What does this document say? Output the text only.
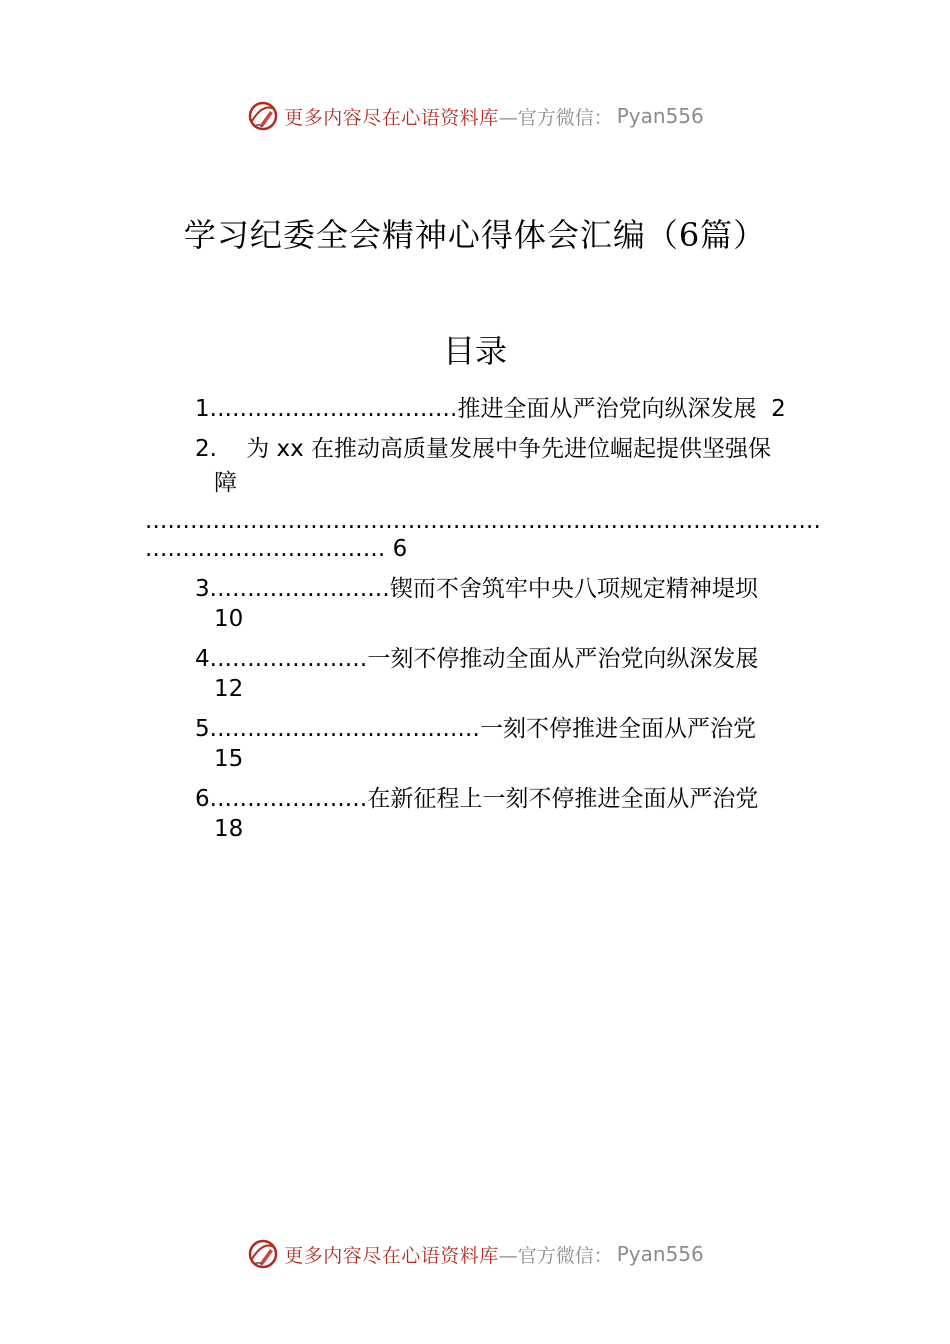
更多内容尽在心语资料库 —官方微信： Pyan556
学习纪委全会精神心得体会汇编（6篇）
目录
1.................................推进全面从严治党向纵深发展 2
2. 为 xx 在推动高质量发展中争先进位崛起提供坚强保
障
..........................................................................................
................................ 6
3........................锲而不舍筑牢中央八项规定精神堤坝
10
4.....................一刻不停推动全面从严治党向纵深发展
12
5....................................一刻不停推进全面从严治党
15
6.....................在新征程上一刻不停推进全面从严治党
18
更多内容尽在心语资料库 —官方微信： Pyan556
